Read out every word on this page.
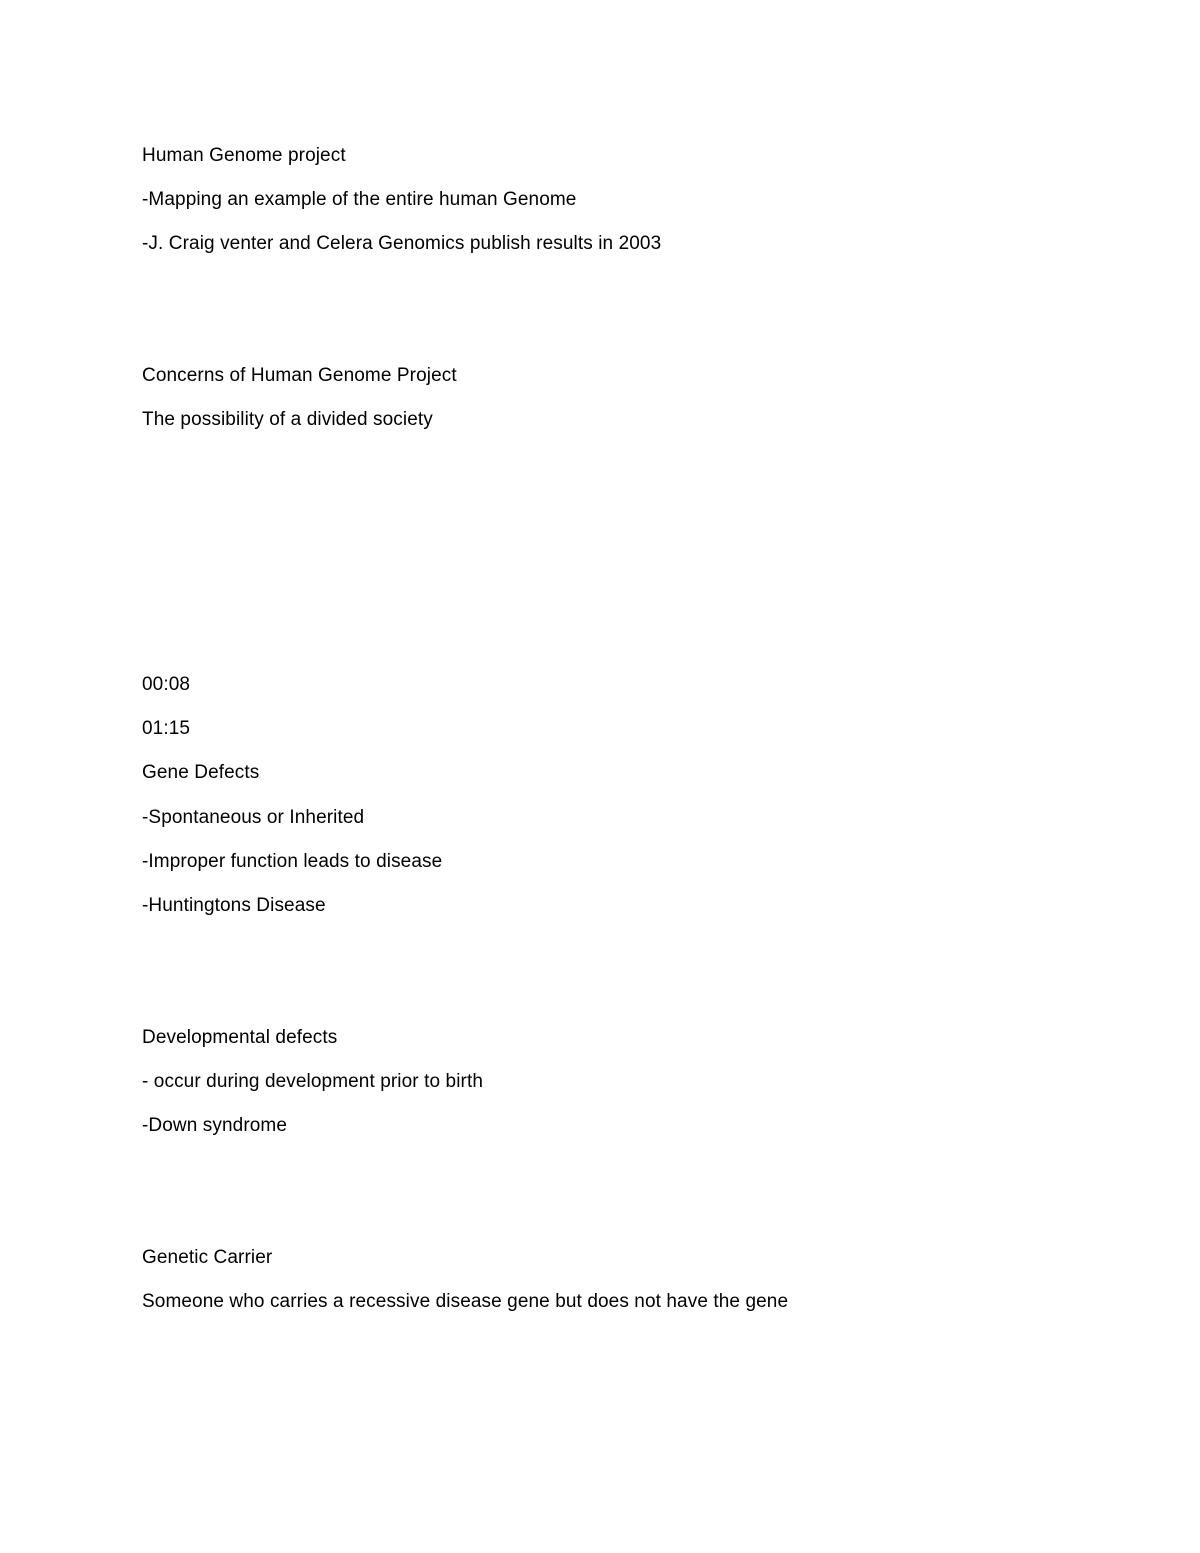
Human Genome project
-Mapping an example of the entire human Genome
-J. Craig venter and Celera Genomics publish results in 2003
Concerns of Human Genome Project
The possibility of a divided society
00:08
01:15
Gene Defects
-Spontaneous or Inherited
-Improper function leads to disease
-Huntingtons Disease
Developmental defects
- occur during development prior to birth
-Down syndrome
Genetic Carrier
Someone who carries a recessive disease gene but does not have the gene
